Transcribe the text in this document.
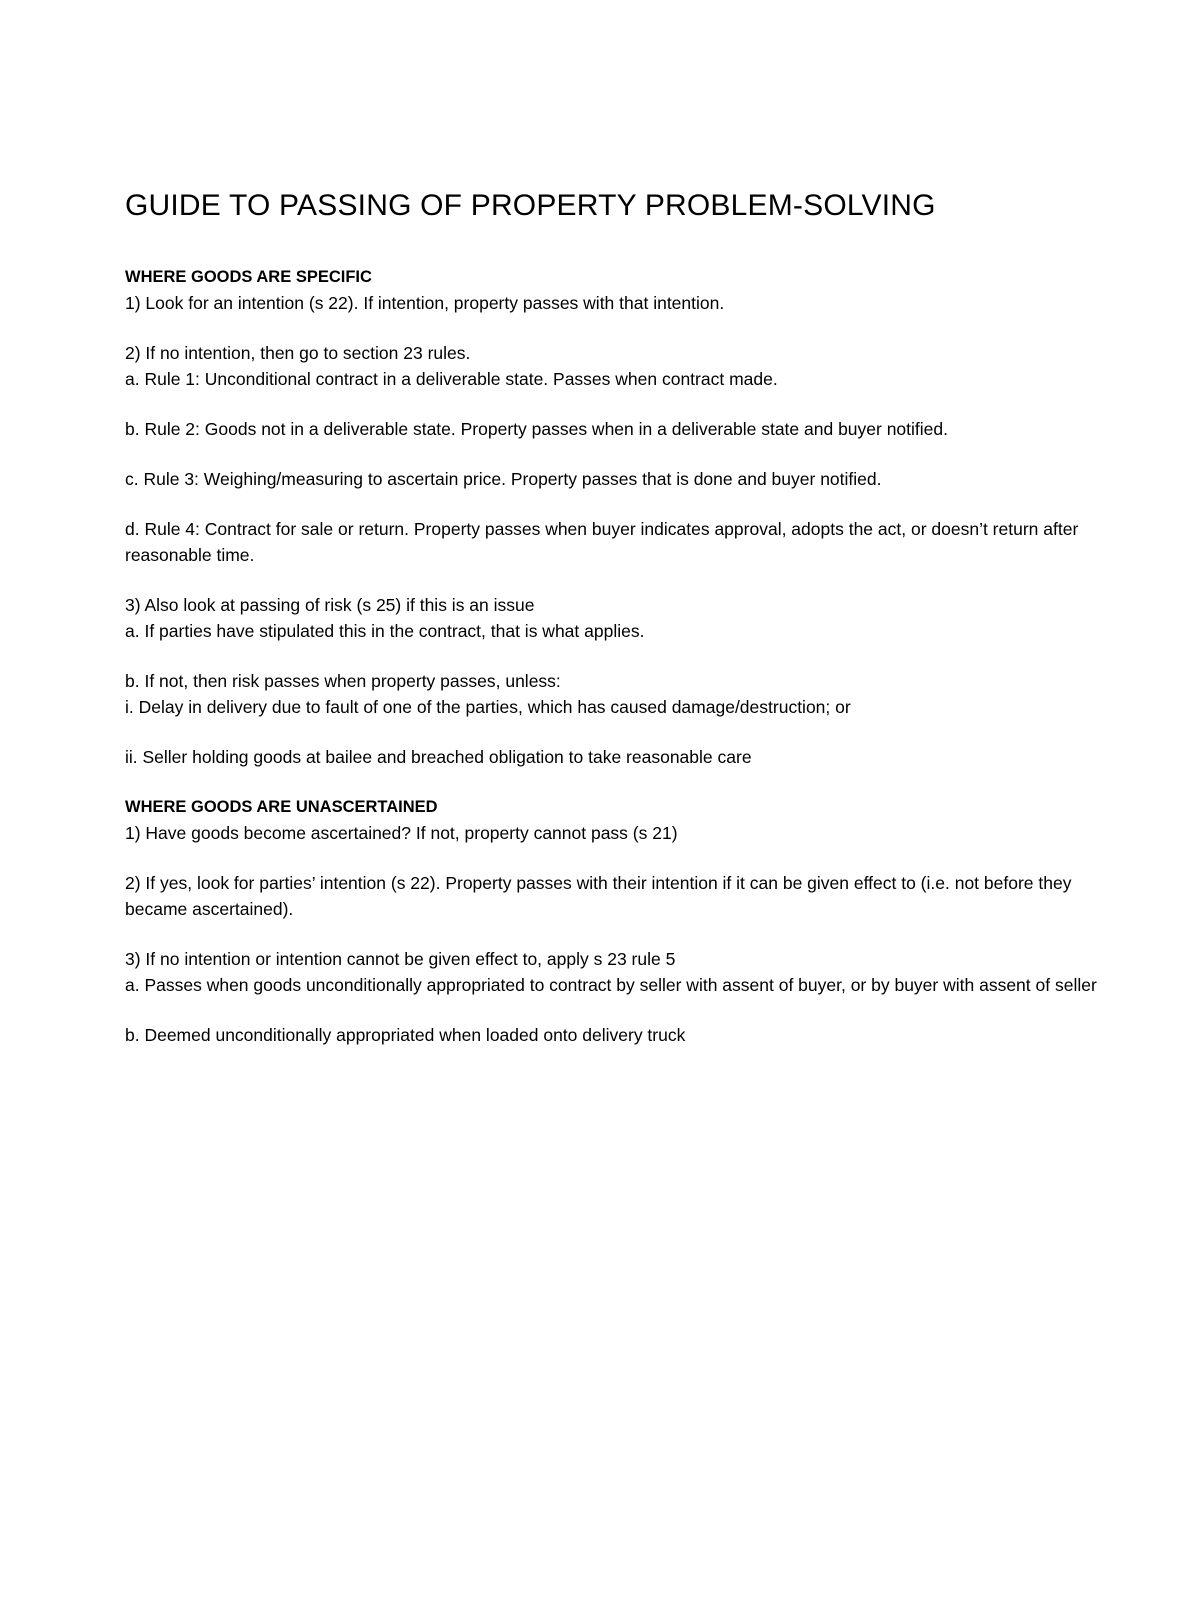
GUIDE TO PASSING OF PROPERTY PROBLEM-SOLVING

WHERE GOODS ARE SPECIFIC

1) Look for an intention (s 22). If intention, property passes with that intention.

2) If no intention, then go to section 23 rules.

a. Rule 1: Unconditional contract in a deliverable state. Passes when contract made.

b. Rule 2: Goods not in a deliverable state. Property passes when in a deliverable state and buyer notified.

c. Rule 3: Weighing/measuring to ascertain price. Property passes that is done and buyer notified.

d. Rule 4: Contract for sale or return. Property passes when buyer indicates approval, adopts the act, or doesn’t return after reasonable time.

3) Also look at passing of risk (s 25) if this is an issue

a. If parties have stipulated this in the contract, that is what applies.

b. If not, then risk passes when property passes, unless:

i. Delay in delivery due to fault of one of the parties, which has caused damage/destruction; or

ii. Seller holding goods at bailee and breached obligation to take reasonable care

WHERE GOODS ARE UNASCERTAINED

1) Have goods become ascertained? If not, property cannot pass (s 21)

2) If yes, look for parties’ intention (s 22). Property passes with their intention if it can be given effect to (i.e. not before they became ascertained).

3) If no intention or intention cannot be given effect to, apply s 23 rule 5

a. Passes when goods unconditionally appropriated to contract by seller with assent of buyer, or by buyer with assent of seller

b. Deemed unconditionally appropriated when loaded onto delivery truck
